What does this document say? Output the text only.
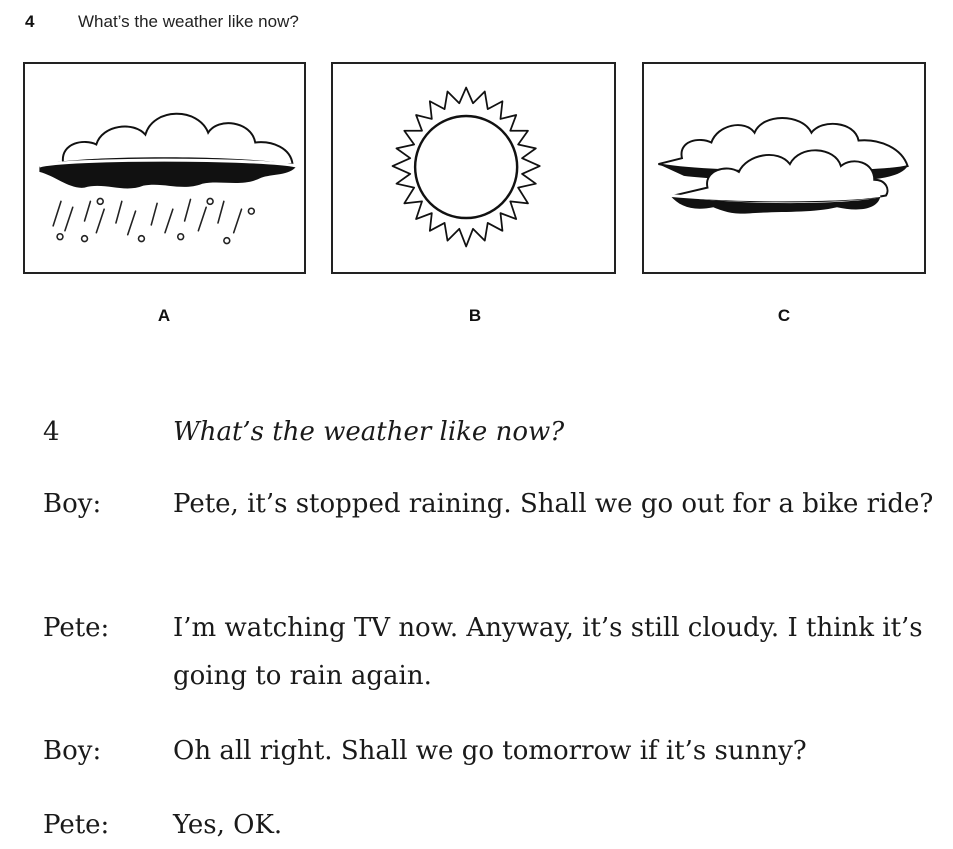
4	What’s the weather like now?
A	B	C
4	What’s the weather like now?
Boy:	Pete, it’s stopped raining. Shall we go out for a bike ride?
Pete: I’m watching TV now. Anyway, it’s still cloudy. I think it’s going to rain again.
Boy:	Oh all right. Shall we go tomorrow if it’s sunny?
Pete: Yes, OK.
